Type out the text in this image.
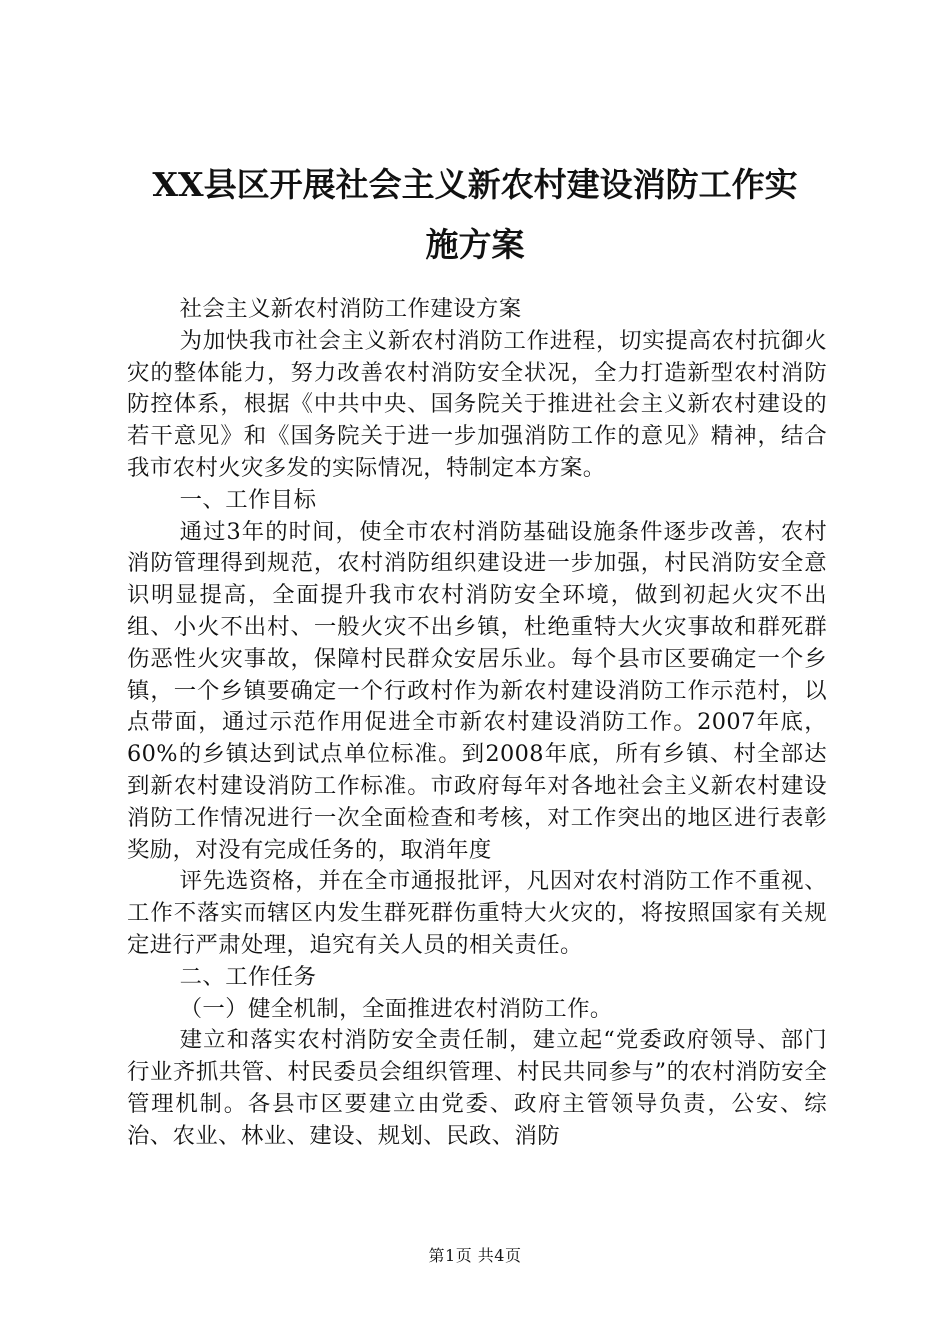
XX县区开展社会主义新农村建设消防工作实
施方案

社会主义新农村消防工作建设方案

为加快我市社会主义新农村消防工作进程，切实提高农村抗御火灾的整体能力，努力改善农村消防安全状况，全力打造新型农村消防防控体系，根据《中共中央、国务院关于推进社会主义新农村建设的若干意见》和《国务院关于进一步加强消防工作的意见》精神，结合我市农村火灾多发的实际情况，特制定本方案。

一、工作目标

通过3年的时间，使全市农村消防基础设施条件逐步改善，农村消防管理得到规范，农村消防组织建设进一步加强，村民消防安全意识明显提高，全面提升我市农村消防安全环境，做到初起火灾不出组、小火不出村、一般火灾不出乡镇，杜绝重特大火灾事故和群死群伤恶性火灾事故，保障村民群众安居乐业。每个县市区要确定一个乡镇，一个乡镇要确定一个行政村作为新农村建设消防工作示范村，以点带面，通过示范作用促进全市新农村建设消防工作。2007年底，60%的乡镇达到试点单位标准。到2008年底，所有乡镇、村全部达到新农村建设消防工作标准。市政府每年对各地社会主义新农村建设消防工作情况进行一次全面检查和考核，对工作突出的地区进行表彰奖励，对没有完成任务的，取消年度

评先选资格，并在全市通报批评，凡因对农村消防工作不重视、工作不落实而辖区内发生群死群伤重特大火灾的，将按照国家有关规定进行严肃处理，追究有关人员的相关责任。

二、工作任务

（一）健全机制，全面推进农村消防工作。

建立和落实农村消防安全责任制，建立起“党委政府领导、部门行业齐抓共管、村民委员会组织管理、村民共同参与”的农村消防安全管理机制。各县市区要建立由党委、政府主管领导负责，公安、综治、农业、林业、建设、规划、民政、消防

第1页 共4页
